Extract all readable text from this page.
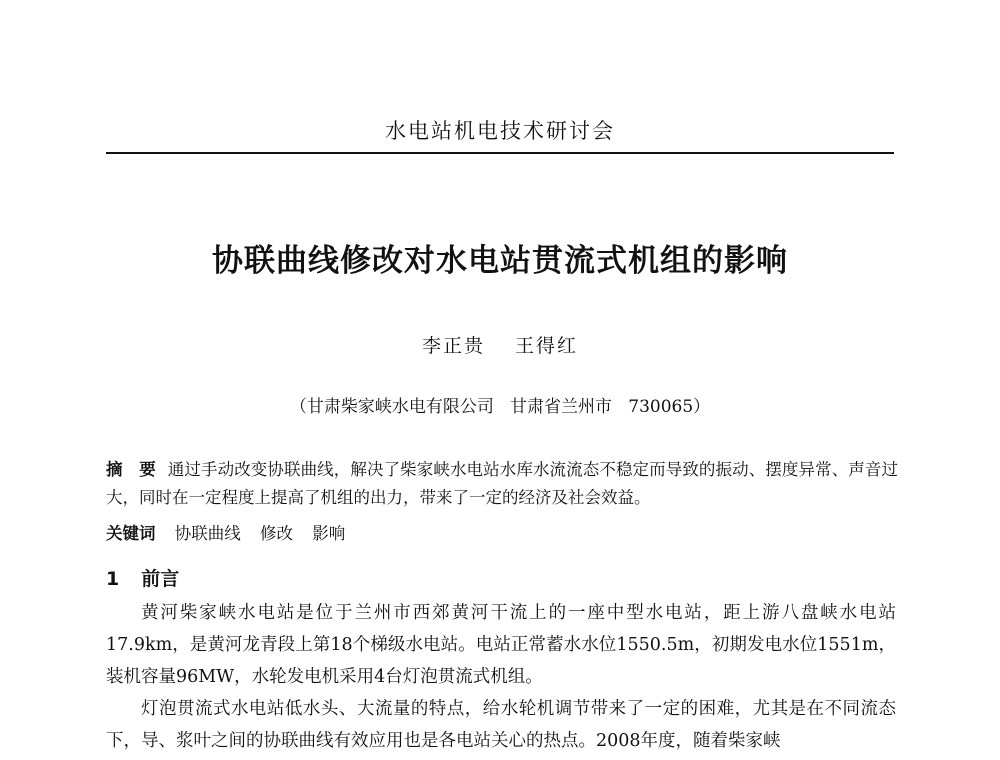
水电站机电技术研讨会
协联曲线修改对水电站贯流式机组的影响
李正贵 王得红
（甘肃柴家峡水电有限公司 甘肃省兰州市 730065）
摘　要 通过手动改变协联曲线，解决了柴家峡水电站水库水流流态不稳定而导致的振动、摆度异常、声音过大，同时在一定程度上提高了机组的出力，带来了一定的经济及社会效益。
关键词 协联曲线 修改 影响
1 前言

黄河柴家峡水电站是位于兰州市西郊黄河干流上的一座中型水电站，距上游八盘峡水电站17.9km，是黄河龙青段上第18个梯级水电站。电站正常蓄水水位1550.5m，初期发电水位1551m，装机容量96MW，水轮发电机采用4台灯泡贯流式机组。

灯泡贯流式水电站低水头、大流量的特点，给水轮机调节带来了一定的困难，尤其是在不同流态下，导、浆叶之间的协联曲线有效应用也是各电站关心的热点。2008年度，随着柴家峡
